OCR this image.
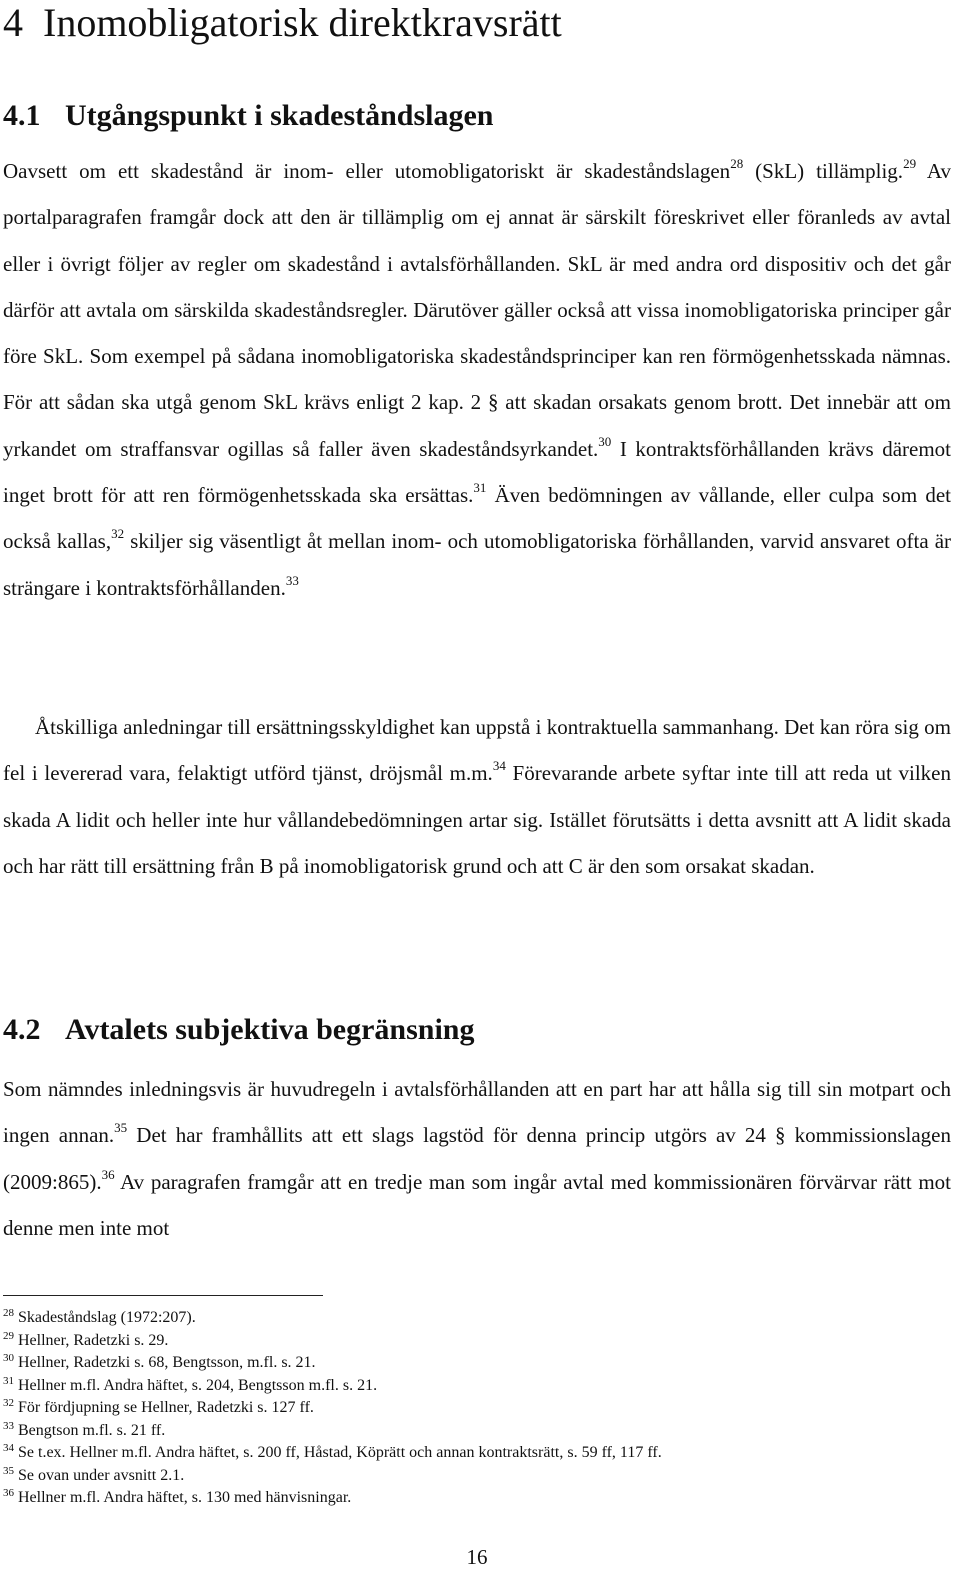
4 Inomobligatorisk direktkravsrätt
4.1 Utgångspunkt i skadeståndslagen

Oavsett om ett skadestånd är inom- eller utomobligatoriskt är skadeståndslagen$^{28}$ (SkL) tillämplig.$^{29}$ Av portalparagrafen framgår dock att den är tillämplig om ej annat är särskilt föreskrivet eller föranleds av avtal eller i övrigt följer av regler om skadestånd i avtalsförhållanden. SkL är med andra ord dispositiv och det går därför att avtala om särskilda skadeståndsregler. Därutöver gäller också att vissa inomobligatoriska principer går före SkL. Som exempel på sådana inomobligatoriska skadeståndsprinciper kan ren förmögenhetsskada nämnas. För att sådan ska utgå genom SkL krävs enligt 2 kap. 2 § att skadan orsakats genom brott. Det innebär att om yrkandet om straffansvar ogillas så faller även skadeståndsyrkandet.$^{30}$ I kontraktsförhållanden krävs däremot inget brott för att ren förmögenhetsskada ska ersättas.$^{31}$ Även bedömningen av vållande, eller culpa som det också kallas,$^{32}$ skiljer sig väsentligt åt mellan inom- och utomobligatoriska förhållanden, varvid ansvaret ofta är strängare i kontraktsförhållanden.$^{33}$

Åtskilliga anledningar till ersättningsskyldighet kan uppstå i kontraktuella sammanhang. Det kan röra sig om fel i levererad vara, felaktigt utförd tjänst, dröjsmål m.m.$^{34}$ Förevarande arbete syftar inte till att reda ut vilken skada A lidit och heller inte hur vållandebedömningen artar sig. Istället förutsätts i detta avsnitt att A lidit skada och har rätt till ersättning från B på inomobligatorisk grund och att C är den som orsakat skadan.

4.2 Avtalets subjektiva begränsning

Som nämndes inledningsvis är huvudregeln i avtalsförhållanden att en part har att hålla sig till sin motpart och ingen annan.$^{35}$ Det har framhållits att ett slags lagstöd för denna princip utgörs av 24 § kommissionslagen (2009:865).$^{36}$ Av paragrafen framgår att en tredje man som ingår avtal med kommissionären förvärvar rätt mot denne men inte mot

$^{28}$ Skadeståndslag (1972:207).
$^{29}$ Hellner, Radetzki s. 29.
$^{30}$ Hellner, Radetzki s. 68, Bengtsson, m.fl. s. 21.
$^{31}$ Hellner m.fl. Andra häftet, s. 204, Bengtsson m.fl. s. 21.
$^{32}$ För fördjupning se Hellner, Radetzki s. 127 ff.
$^{33}$ Bengtson m.fl. s. 21 ff.
$^{34}$ Se t.ex. Hellner m.fl. Andra häftet, s. 200 ff, Håstad, Köprätt och annan kontraktsrätt, s. 59 ff, 117 ff.
$^{35}$ Se ovan under avsnitt 2.1.
$^{36}$ Hellner m.fl. Andra häftet, s. 130 med hänvisningar.
16
